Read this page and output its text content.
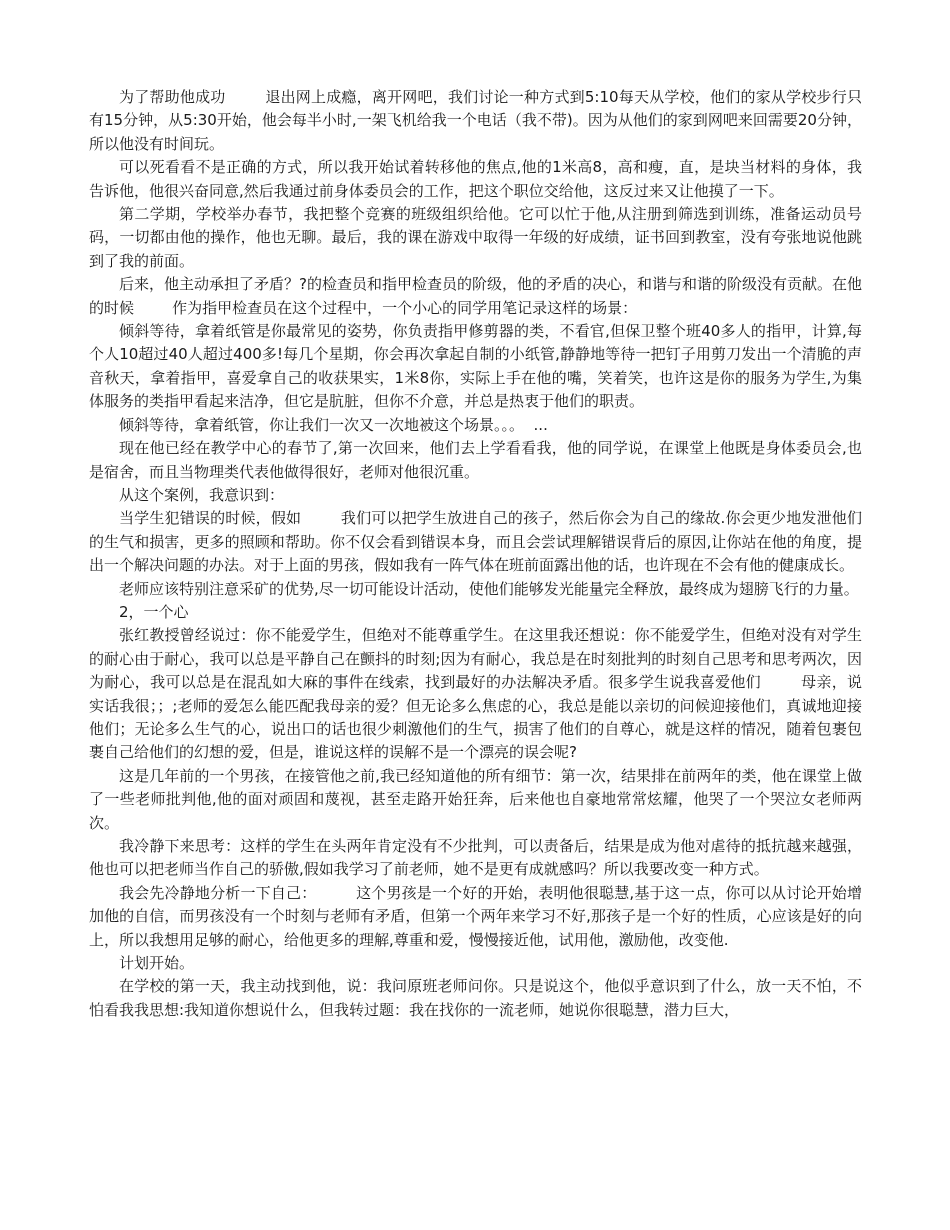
为了帮助他成功        退出网上成瘾，离开网吧，我们讨论一种方式到5:10每天从学校，他们的家从学校步行只有15分钟，从5:30开始，他会每半小时,一架飞机给我一个电话（我不带)。因为从他们的家到网吧来回需要20分钟，所以他没有时间玩。

可以死看看不是正确的方式，所以我开始试着转移他的焦点,他的1米高8，高和瘦，直，是块当材料的身体，我告诉他，他很兴奋同意,然后我通过前身体委员会的工作，把这个职位交给他，这反过来又让他摸了一下。

第二学期，学校举办春节，我把整个竞赛的班级组织给他。它可以忙于他,从注册到筛选到训练，准备运动员号码，一切都由他的操作，他也无聊。最后，我的课在游戏中取得一年级的好成绩，证书回到教室，没有夸张地说他跳到了我的前面。

后来，他主动承担了矛盾？?的检查员和指甲检查员的阶级，他的矛盾的决心，和谐与和谐的阶级没有贡献。在他的时候        作为指甲检查员在这个过程中，一个小心的同学用笔记录这样的场景：

倾斜等待，拿着纸管是你最常见的姿势，你负责指甲修剪器的类，不看官,但保卫整个班40多人的指甲，计算,每个人10超过40人超过400多!每几个星期，你会再次拿起自制的小纸管,静静地等待一把钉子用剪刀发出一个清脆的声音秋天，拿着指甲，喜爱拿自己的收获果实，1米8你，实际上手在他的嘴，笑着笑，也许这是你的服务为学生,为集体服务的类指甲看起来洁净，但它是肮脏，但你不介意，并总是热衷于他们的职责。

倾斜等待，拿着纸管，你让我们一次又一次地被这个场景。。。  ...

现在他已经在教学中心的春节了,第一次回来，他们去上学看看我，他的同学说，在课堂上他既是身体委员会,也是宿舍，而且当物理类代表他做得很好，老师对他很沉重。

从这个案例，我意识到：

当学生犯错误的时候，假如        我们可以把学生放进自己的孩子，然后你会为自己的缘故.你会更少地发泄他们的生气和损害，更多的照顾和帮助。你不仅会看到错误本身，而且会尝试理解错误背后的原因,让你站在他的角度，提出一个解决问题的办法。对于上面的男孩，假如我有一阵气体在班前面露出他的话，也许现在不会有他的健康成长。

老师应该特别注意采矿的优势,尽一切可能设计活动，使他们能够发光能量完全释放，最终成为翅膀飞行的力量。

2，一个心

张红教授曾经说过：你不能爱学生，但绝对不能尊重学生。在这里我还想说：你不能爱学生，但绝对没有对学生的耐心由于耐心，我可以总是平静自己在颤抖的时刻;因为有耐心，我总是在时刻批判的时刻自己思考和思考两次，因为耐心，我可以总是在混乱如大麻的事件在线索，找到最好的办法解决矛盾。很多学生说我喜爱他们        母亲，说实话我很；；;老师的爱怎么能匹配我母亲的爱？但无论多么焦虑的心，我总是能以亲切的问候迎接他们，真诚地迎接他们；无论多么生气的心，说出口的话也很少刺激他们的生气，损害了他们的自尊心，就是这样的情况，随着包裹包裹自己给他们的幻想的爱，但是，谁说这样的误解不是一个漂亮的误会呢?

这是几年前的一个男孩，在接管他之前,我已经知道他的所有细节：第一次，结果排在前两年的类，他在课堂上做了一些老师批判他,他的面对顽固和蔑视，甚至走路开始狂奔，后来他也自豪地常常炫耀，他哭了一个哭泣女老师两次。

我冷静下来思考：这样的学生在头两年肯定没有不少批判，可以责备后，结果是成为他对虐待的抵抗越来越强，他也可以把老师当作自己的骄傲,假如我学习了前老师，她不是更有成就感吗？所以我要改变一种方式。

我会先冷静地分析一下自己：        这个男孩是一个好的开始，表明他很聪慧,基于这一点，你可以从讨论开始增加他的自信，而男孩没有一个时刻与老师有矛盾，但第一个两年来学习不好,那孩子是一个好的性质，心应该是好的向上，所以我想用足够的耐心，给他更多的理解,尊重和爱，慢慢接近他，试用他，激励他，改变他.

计划开始。

在学校的第一天，我主动找到他，说：我问原班老师问你。只是说这个，他似乎意识到了什么，放一天不怕，不怕看我我思想:我知道你想说什么，但我转过题：我在找你的一流老师，她说你很聪慧，潜力巨大，
